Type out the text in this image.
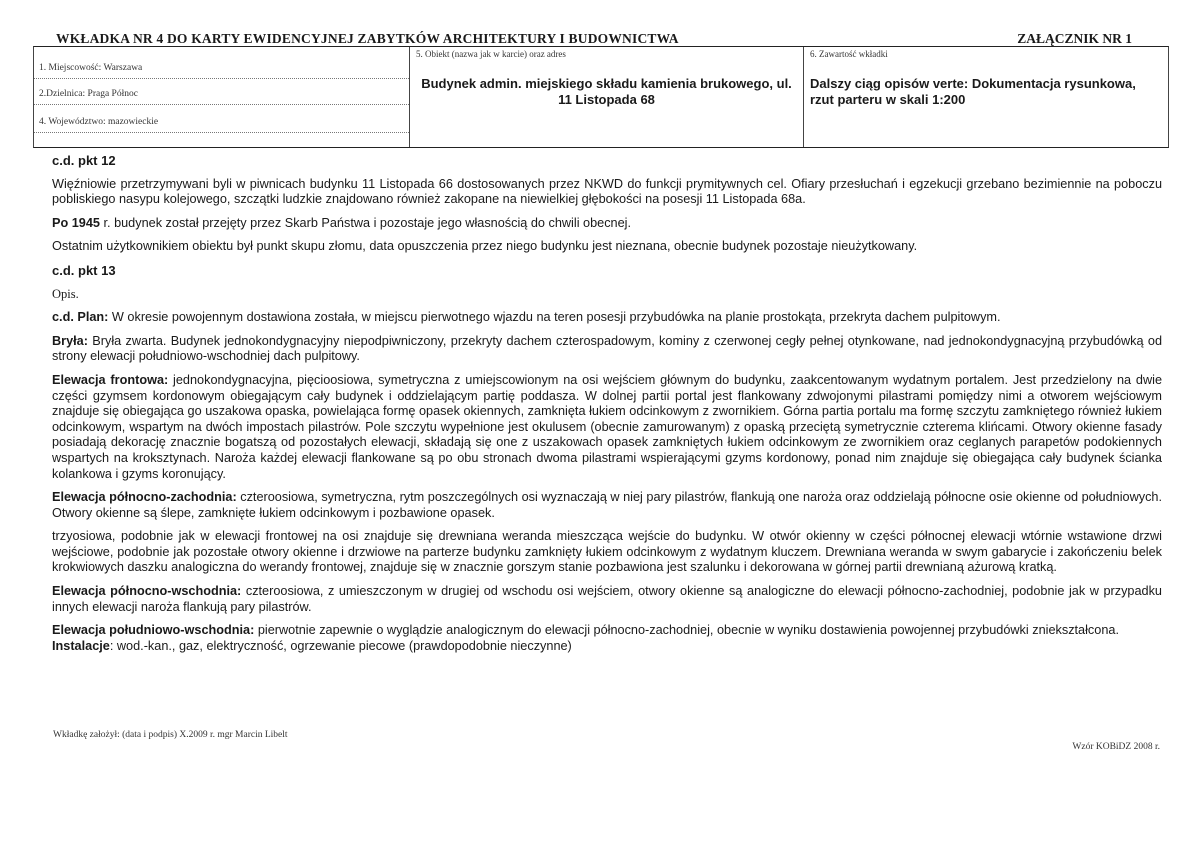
WKŁADKA NR 4 DO KARTY EWIDENCYJNEJ ZABYTKÓW ARCHITEKTURY I BUDOWNICTWA	ZAŁĄCZNIK NR 1
1. Miejscowość: Warszawa
2.Dzielnica: Praga Północ
4. Województwo: mazowieckie
5. Obiekt (nazwa jak w karcie) oraz adres
Budynek admin. miejskiego składu kamienia brukowego, ul. 11 Listopada 68
6. Zawartość wkładki
Dalszy ciąg opisów verte: Dokumentacja rysunkowa, rzut parteru w skali 1:200

c.d. pkt 12

Więźniowie przetrzymywani byli w piwnicach budynku 11 Listopada 66 dostosowanych przez NKWD do funkcji prymitywnych cel. Ofiary przesłuchań i egzekucji grzebano bezimiennie na poboczu pobliskiego nasypu kolejowego, szczątki ludzkie znajdowano również zakopane na niewielkiej głębokości na posesji 11 Listopada 68a.

Po 1945 r. budynek został przejęty przez Skarb Państwa i pozostaje jego własnością do chwili obecnej.

Ostatnim użytkownikiem obiektu był punkt skupu złomu, data opuszczenia przez niego budynku jest nieznana, obecnie budynek pozostaje nieużytkowany.

c.d. pkt 13

Opis.

c.d. Plan: W okresie powojennym dostawiona została, w miejscu pierwotnego wjazdu na teren posesji przybudówka na planie prostokąta, przekryta dachem pulpitowym.

Bryła: Bryła zwarta. Budynek jednokondygnacyjny niepodpiwniczony, przekryty dachem czterospadowym, kominy z czerwonej cegły pełnej otynkowane, nad jednokondygnacyjną przybudówką od strony elewacji południowo-wschodniej dach pulpitowy.

Elewacja frontowa: jednokondygnacyjna, pięcioosiowa, symetryczna z umiejscowionym na osi wejściem głównym do budynku, zaakcentowanym wydatnym portalem. Jest przedzielony na dwie części gzymsem kordonowym obiegającym cały budynek i oddzielającym partię poddasza. W dolnej partii portal jest flankowany zdwojonymi pilastrami pomiędzy nimi a otworem wejściowym znajduje się obiegająca go uszakowa opaska, powielająca formę opasek okiennych, zamknięta łukiem odcinkowym z zwornikiem. Górna partia portalu ma formę szczytu zamkniętego również łukiem odcinkowym, wspartym na dwóch impostach pilastrów. Pole szczytu wypełnione jest okulusem (obecnie zamurowanym) z opaską przeciętą symetrycznie czterema klińcami. Otwory okienne fasady posiadają dekorację znacznie bogatszą od pozostałych elewacji, składają się one z uszakowach opasek zamkniętych łukiem odcinkowym ze zwornikiem oraz ceglanych parapetów podokiennych wspartych na kroksztynach. Naroża każdej elewacji flankowane są po obu stronach dwoma pilastrami wspierającymi gzyms kordonowy, ponad nim znajduje się obiegająca cały budynek ścianka kolankowa i gzyms koronujący.

Elewacja północno-zachodnia: czteroosiowa, symetryczna, rytm poszczególnych osi wyznaczają w niej pary pilastrów, flankują one naroża oraz oddzielają północne osie okienne od południowych. Otwory okienne są ślepe, zamknięte łukiem odcinkowym i pozbawione opasek.

trzyosiowa, podobnie jak w elewacji frontowej na osi znajduje się drewniana weranda mieszcząca wejście do budynku. W otwór okienny w części północnej elewacji wtórnie wstawione drzwi wejściowe, podobnie jak pozostałe otwory okienne i drzwiowe na parterze budynku zamknięty łukiem odcinkowym z wydatnym kluczem. Drewniana weranda w swym gabarycie i zakończeniu belek krokwiowych daszku analogiczna do werandy frontowej, znajduje się w znacznie gorszym stanie pozbawiona jest szalunku i dekorowana w górnej partii drewnianą ażurową kratką.

Elewacja północno-wschodnia: czteroosiowa, z umieszczonym w drugiej od wschodu osi wejściem, otwory okienne są analogiczne do elewacji północno-zachodniej, podobnie jak w przypadku innych elewacji naroża flankują pary pilastrów.

Elewacja południowo-wschodnia: pierwotnie zapewnie o wyglądzie analogicznym do elewacji północno-zachodniej, obecnie w wyniku dostawienia powojennej przybudówki zniekształcona.

Instalacje: wod.-kan., gaz, elektryczność, ogrzewanie piecowe (prawdopodobnie nieczynne)

Wkładkę założył: (data i podpis) X.2009 r. mgr Marcin Libelt
Wzór KOBiDZ 2008 r.
